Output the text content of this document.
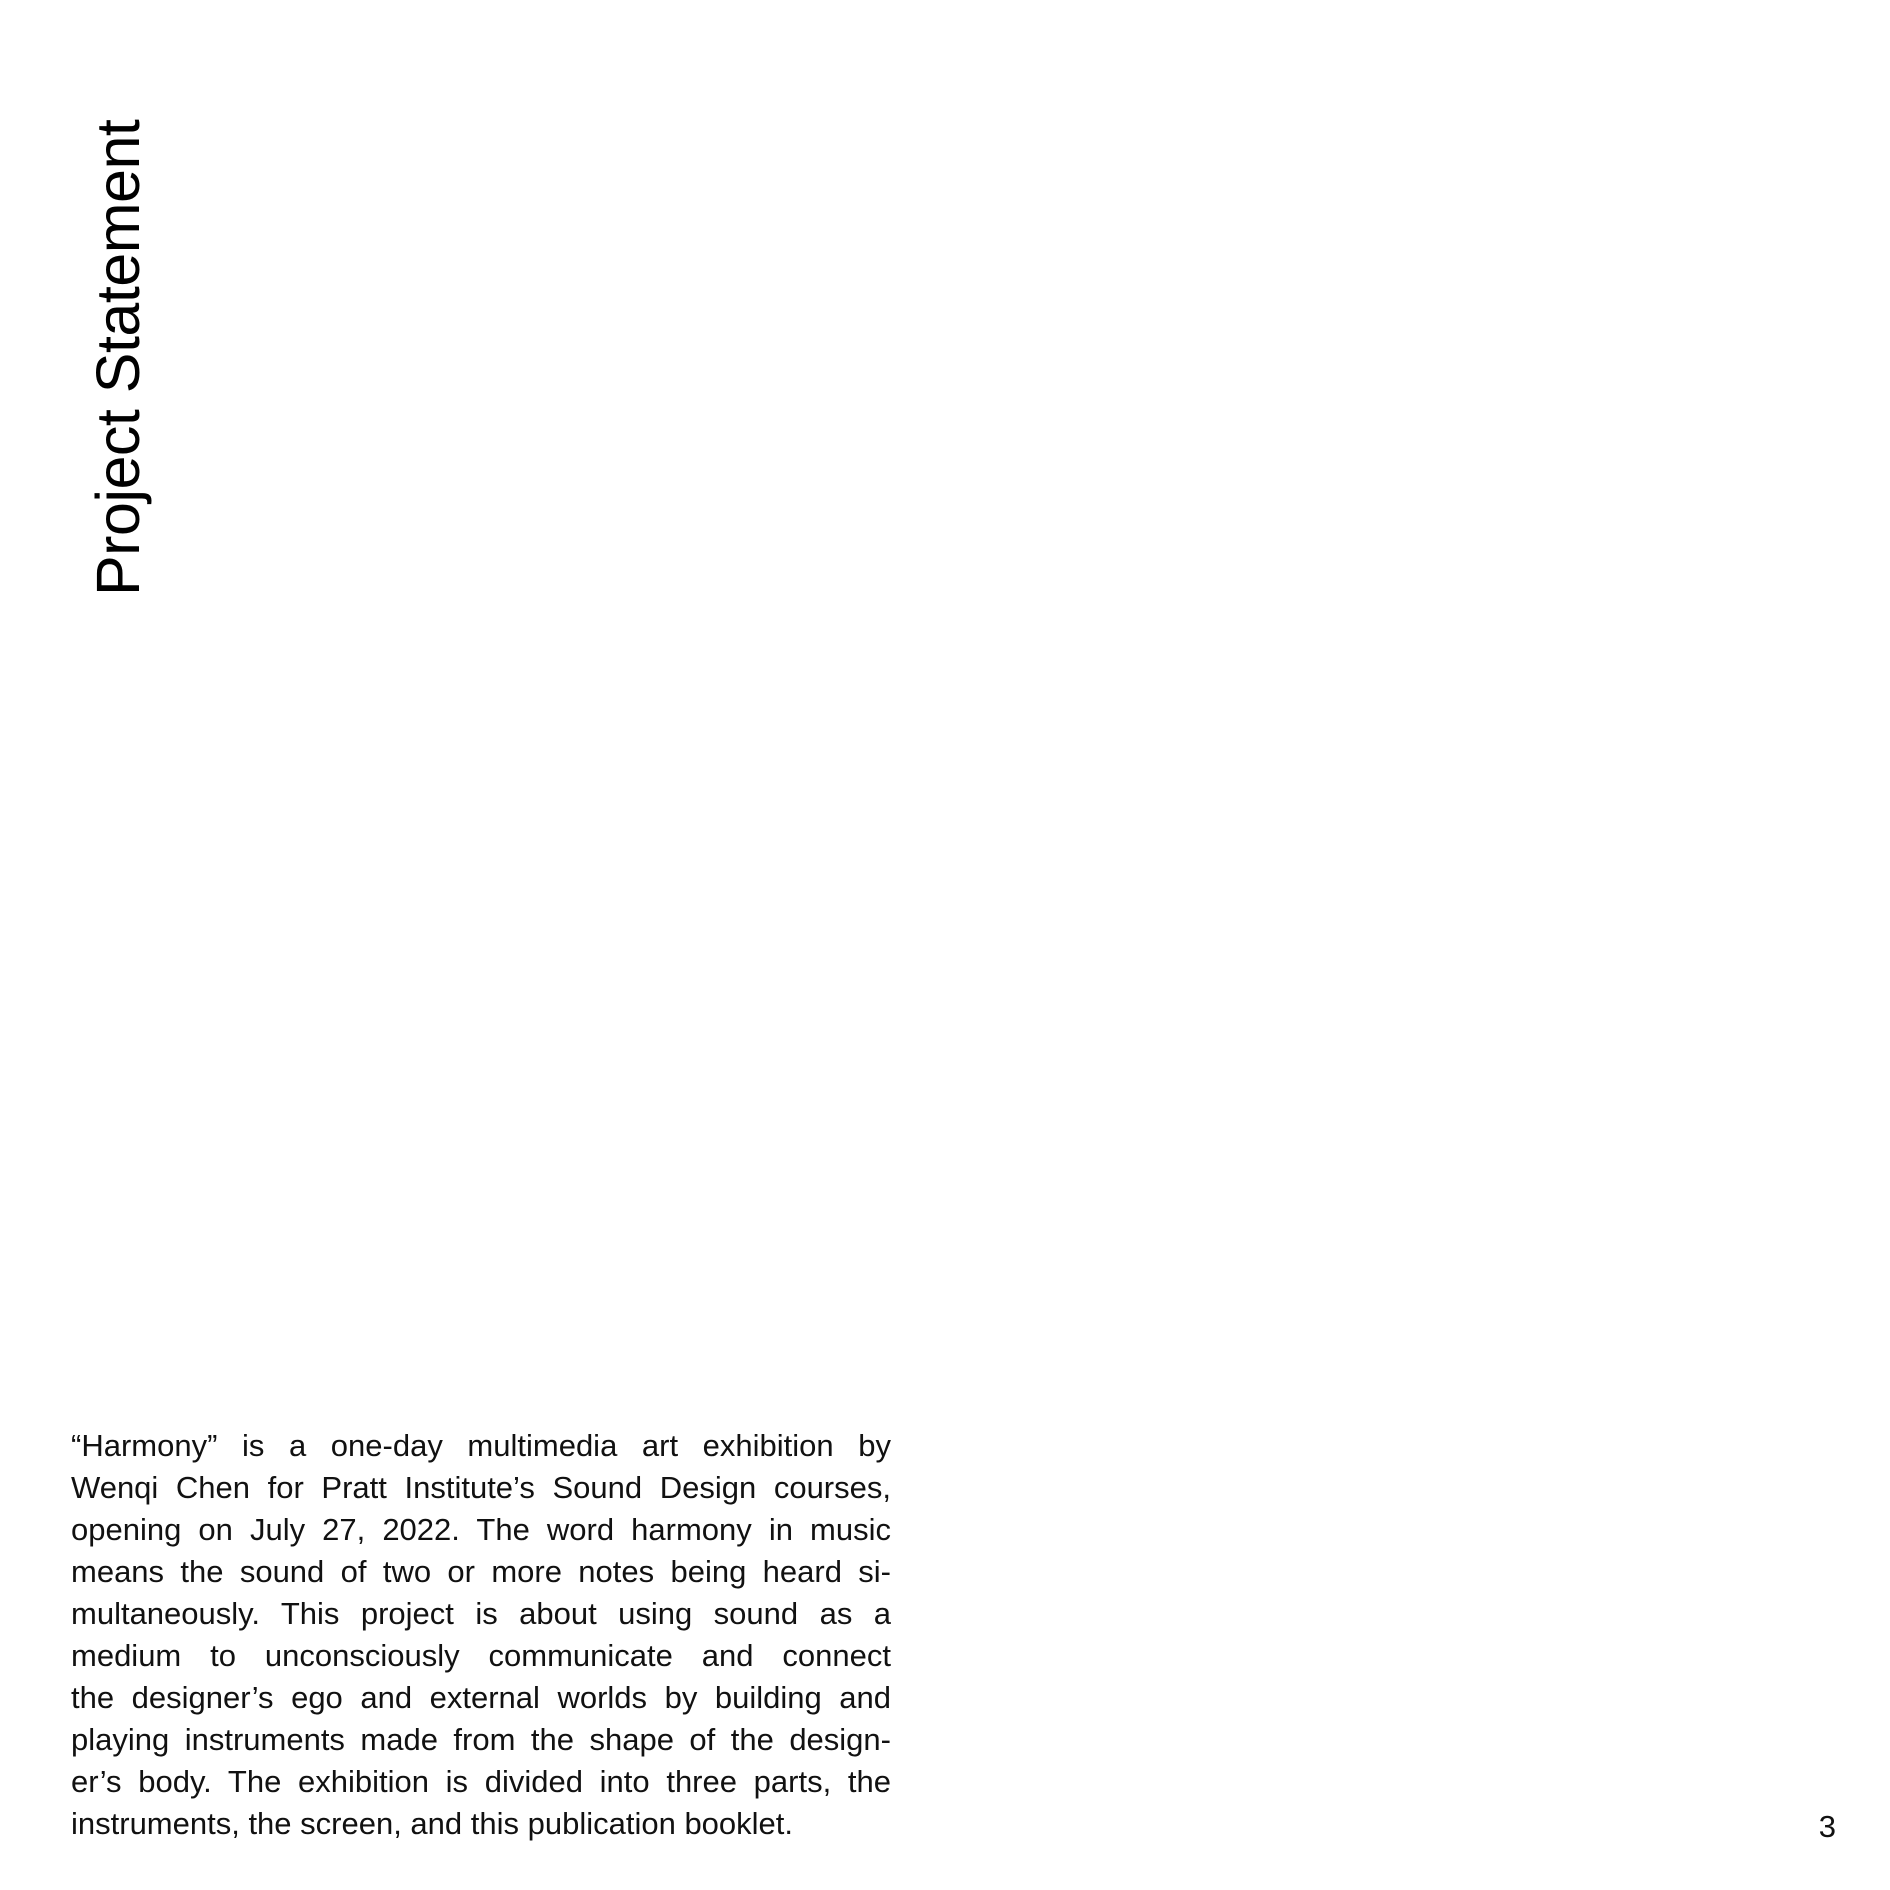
Project Statement

“Harmony” is a one-day multimedia art exhibition by
Wenqi Chen for Pratt Institute’s Sound Design courses,
opening on July 27, 2022. The word harmony in music
means the sound of two or more notes being heard si-
multaneously. This project is about using sound as a
medium to unconsciously communicate and connect
the designer’s ego and external worlds by building and
playing instruments made from the shape of the design-
er’s body. The exhibition is divided into three parts, the
instruments, the screen, and this publication booklet.	3
